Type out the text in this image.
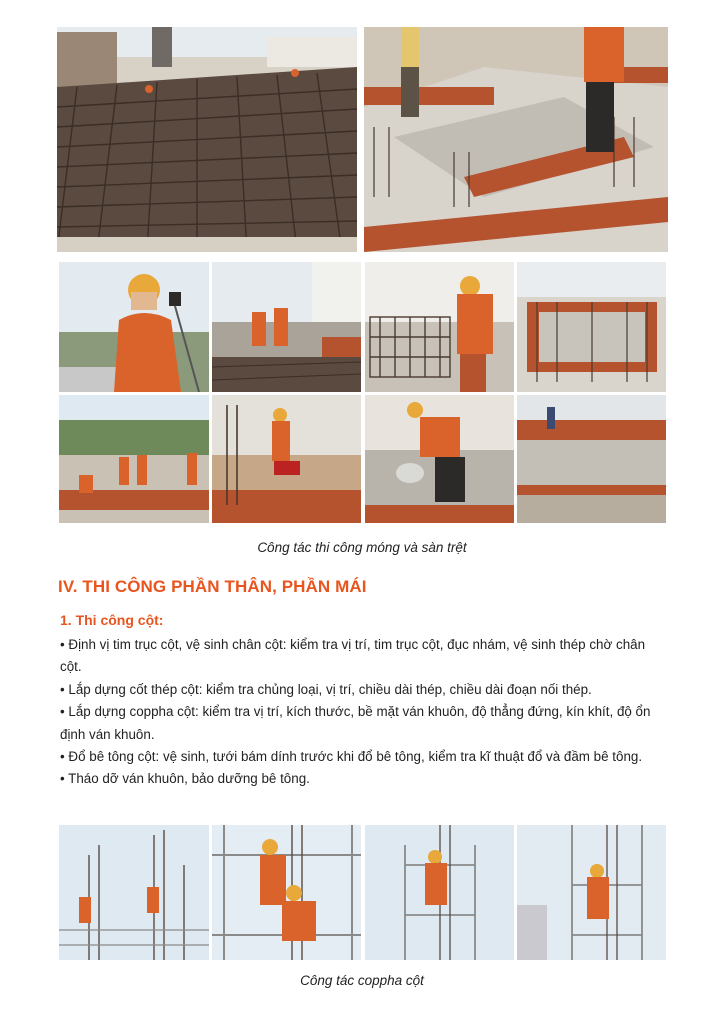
Công tác thi công móng và sàn trệt
IV. THI CÔNG PHẦN THÂN, PHẦN MÁI
1. Thi công cột:

• Định vị tim trục cột, vệ sinh chân cột: kiểm tra vị trí, tim trục cột, đục nhám, vệ sinh thép chờ chân cột.

• Lắp dựng cốt thép cột: kiểm tra chủng loại, vị trí, chiều dài thép, chiều dài đoạn nối thép.

• Lắp dựng coppha cột: kiểm tra vị trí, kích thước, bề mặt ván khuôn, độ thẳng đứng, kín khít, độ ổn định ván khuôn.

• Đổ bê tông cột: vệ sinh, tưới bám dính trước khi đổ bê tông, kiểm tra kĩ thuật đổ và đầm bê tông.

• Tháo dỡ ván khuôn, bảo dưỡng bê tông.

Công tác coppha cột
